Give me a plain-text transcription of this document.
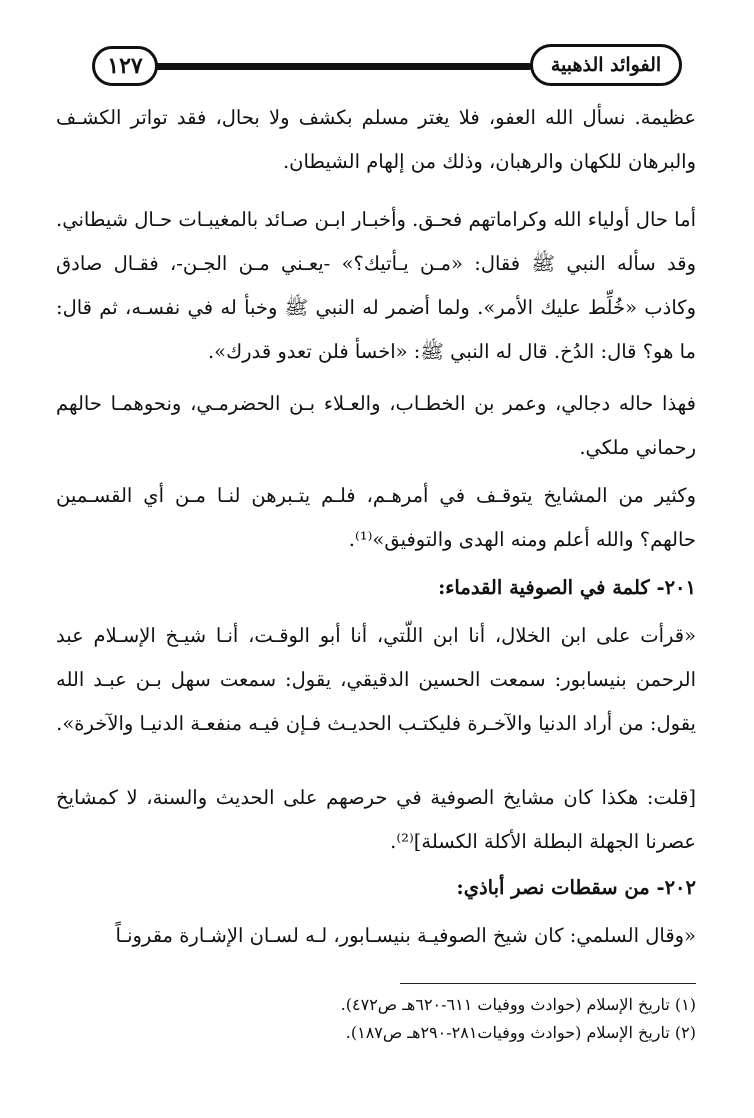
الفوائد الذهبية
١٢٧

عظيمة. نسأل الله العفو، فلا يغتر مسلم بكشف ولا بحال، فقد تواتر الكشـف والبرهان للكهان والرهبان، وذلك من إلهام الشيطان.

أما حال أولياء الله وكراماتهم فحـق. وأخبـار ابـن صـائد بالمغيبـات حـال شيطاني. وقد سأله النبي ﷺ فقال: «مـن يـأتيك؟» -يعـني مـن الجـن-، فقـال صادق وكاذب «خُلِّط عليك الأمر». ولما أضمر له النبي ﷺ وخبأ له في نفسـه، ثم قال: ما هو؟ قال: الدُخ. قال له النبي ﷺ: «اخسأ فلن تعدو قدرك».

فهذا حاله دجالي، وعمر بن الخطـاب، والعـلاء بـن الحضرمـي، ونحوهمـا حالهم رحماني ملكي.

وكثير من المشايخ يتوقـف في أمرهـم، فلـم يتـبرهن لنـا مـن أي القسـمين حالهم؟ والله أعلم ومنه الهدى والتوفيق»⁽¹⁾.

٢٠١- كلمة في الصوفية القدماء:

«قرأت على ابن الخلال، أنا ابن اللّتي، أنا أبو الوقـت، أنـا شيـخ الإسـلام عبد الرحمن بنيسابور: سمعت الحسين الدقيقي، يقول: سمعت سهل بـن عبـد الله يقول: من أراد الدنيا والآخـرة فليكتـب الحديـث فـإن فيـه منفعـة الدنيـا والآخرة».

[قلت: هكذا كان مشايخ الصوفية في حرصهم على الحديث والسنة، لا كمشايخ عصرنا الجهلة البطلة الأكلة الكسلة]⁽²⁾.

٢٠٢- من سقطات نصر أباذي:

«وقال السلمي: كان شيخ الصوفيـة بنيسـابور، لـه لسـان الإشـارة مقرونـاً

(١) تاريخ الإسلام (حوادث ووفيات ٦١١-٦٢٠هـ ص٤٧٢).
(٢) تاريخ الإسلام (حوادث ووفيات٢٨١-٢٩٠هـ ص١٨٧).
